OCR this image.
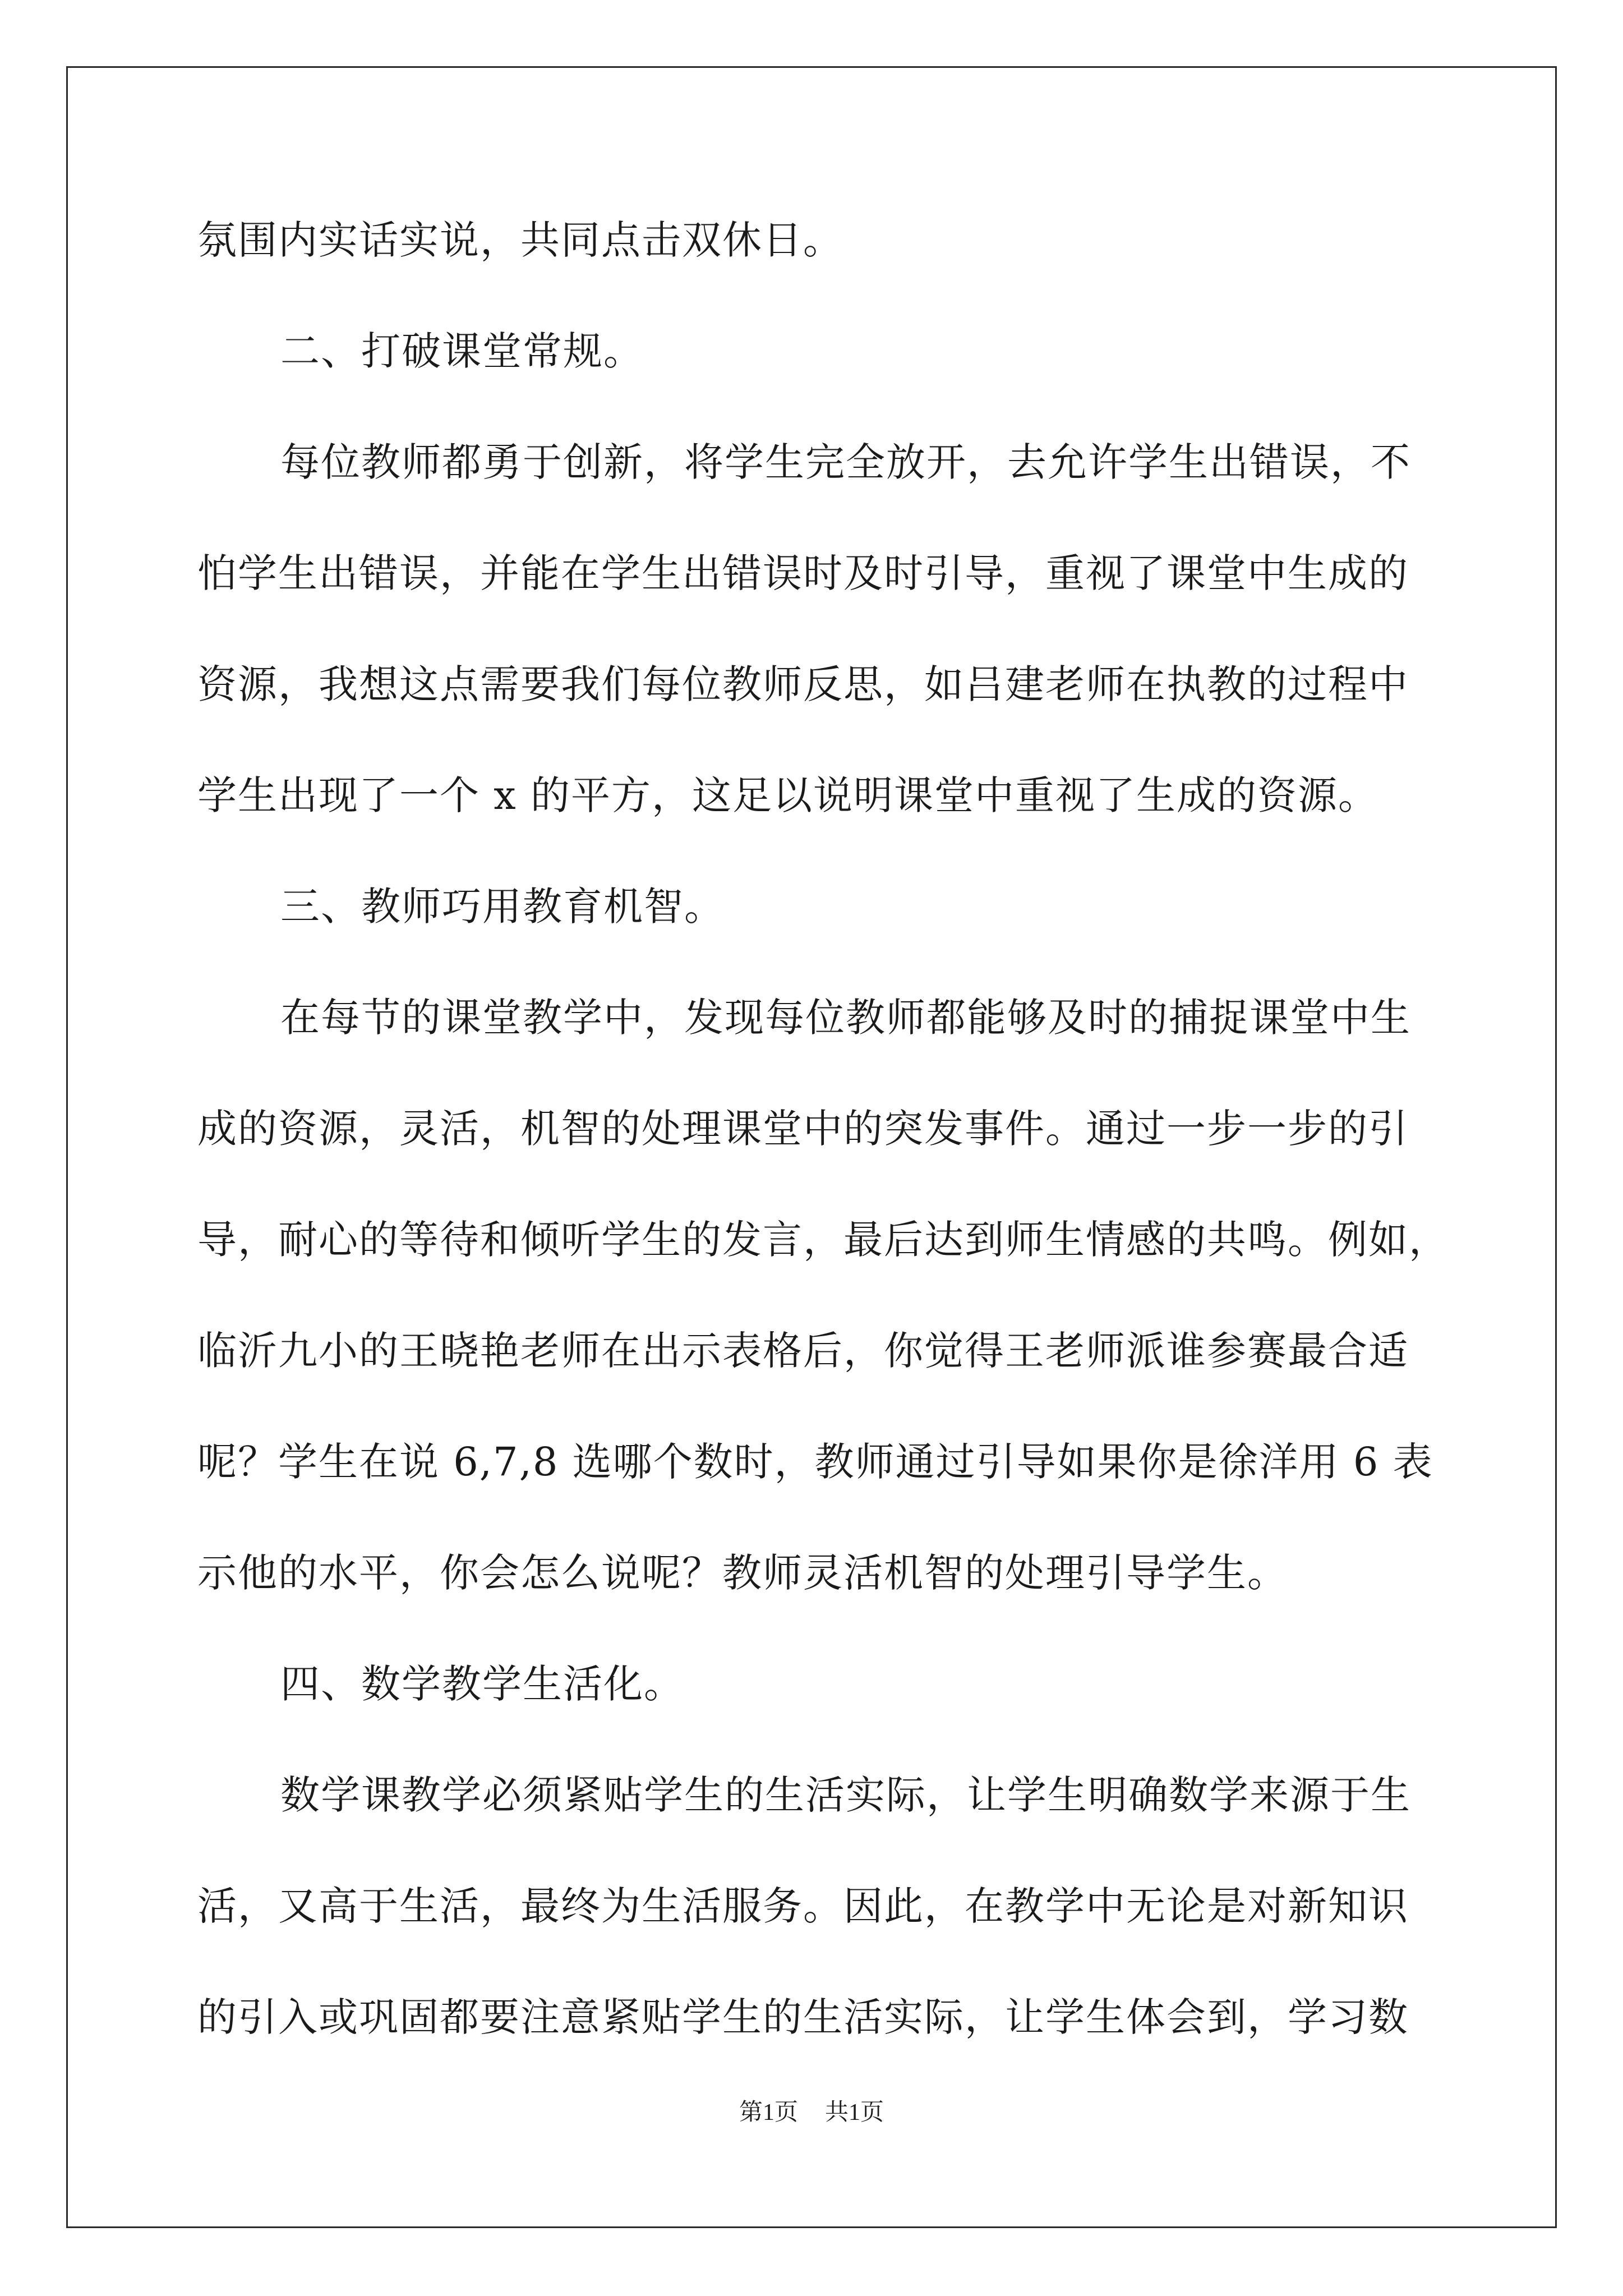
氛围内实话实说，共同点击双休日。
二、打破课堂常规。
每位教师都勇于创新，将学生完全放开，去允许学生出错误，不
怕学生出错误，并能在学生出错误时及时引导，重视了课堂中生成的
资源，我想这点需要我们每位教师反思，如吕建老师在执教的过程中
学生出现了一个 x 的平方，这足以说明课堂中重视了生成的资源。
三、教师巧用教育机智。
在每节的课堂教学中，发现每位教师都能够及时的捕捉课堂中生
成的资源，灵活，机智的处理课堂中的突发事件。通过一步一步的引
导，耐心的等待和倾听学生的发言，最后达到师生情感的共鸣。例如，
临沂九小的王晓艳老师在出示表格后，你觉得王老师派谁参赛最合适
呢？学生在说 6,7,8 选哪个数时，教师通过引导如果你是徐洋用 6 表
示他的水平，你会怎么说呢？教师灵活机智的处理引导学生。
四、数学教学生活化。
数学课教学必须紧贴学生的生活实际，让学生明确数学来源于生
活，又高于生活，最终为生活服务。因此，在教学中无论是对新知识
的引入或巩固都要注意紧贴学生的生活实际，让学生体会到，学习数
第1页 共1页
